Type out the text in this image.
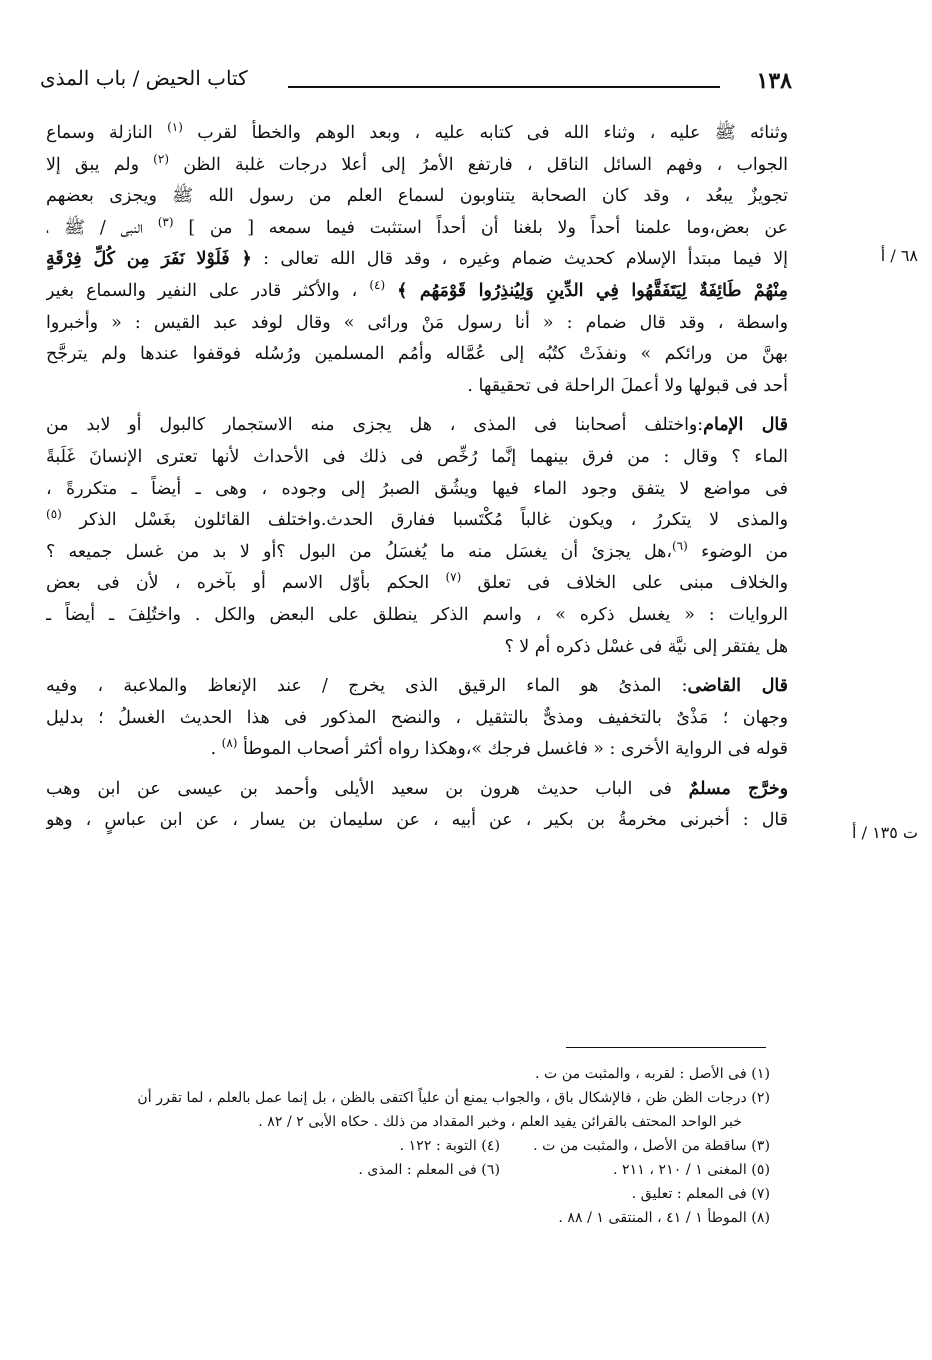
١٣٨
كتاب الحيض / باب المذى
٦٨ / أ
ت ١٣٥ / أ

وثنائه ﷺ عليه ، وثناء الله فى كتابه عليه ، وبعد الوهم والخطأ لقرب $^{(١)}$ النازلة وسماع
الجواب ، وفهم السائل الناقل ، فارتفع الأمرُ إلى أعلا درجات غلبة الظن $^{(٢)}$ ولم يبق إلا
تجويزٌ يبعُد ، وقد كان الصحابة يتناوبون لسماع العلم من رسول الله ﷺ ويجزى بعضهم
عن بعض،وما علمنا أحداً ولا بلغنا أن أحداً استثبت فيما سمعه [ من ] $^{(٣)}$ النبى / ﷺ ،
إلا فيما مبتدأ الإسلام كحديث ضمام وغيره ، وقد قال الله تعالى : ﴿ فَلَوْلا نَفَرَ مِن كُلِّ فِرْقَةٍ
مِنْهُمْ طَائِفَةٌ لِيَتَفَقَّهُوا فِي الدِّينِ وَلِيُنذِرُوا قَوْمَهُم ﴾ $^{(٤)}$ ، والأكثر قادر على النفير والسماع بغير
واسطة ، وقد قال ضمام : « أنا رسول مَنْ ورائى » وقال لوفد عبد القيس : « وأخبروا
بهنَّ من ورائكم » ونفذَتْ كتُبُه إلى عُمَّاله وأمُم المسلمين ورُسُله فوقفوا عندها ولم يترجَّح
أحد فى قبولها ولا أعملَ الراحلة فى تحقيقها .

قال الإمام:واختلف أصحابنا فى المذى ، هل يجزى منه الاستجمار كالبول أو لابد من
الماء ؟ وقال : من فرق بينهما إنَّما رُخِّص فى ذلك فى الأحداث لأنها تعترى الإنسانَ غَلَبةً
فى مواضع لا يتفق وجود الماء فيها ويشُق الصبرُ إلى وجوده ، وهى ـ أيضاً ـ متكررةً ،
والمذى لا يتكررُ ، ويكون غالباً مُكْتَسبا ففارق الحدث.واختلف القائلون بغَسْل الذكر $^{(٥)}$
من الوضوء $^{(٦)}$،هل يجزئ أن يغسَل منه ما يُغسَلُ من البول ؟أو لا بد من غسل جميعه ؟
والخلاف مبنى على الخلاف فى تعلق $^{(٧)}$ الحكم بأوّل الاسم أو بآخره ، لأن فى بعض
الروايات : « يغسل ذكره » ، واسم الذكر ينطلق على البعض والكل . واختُلِفَ ـ أيضاً ـ
هل يفتقر إلى نيَّة فى غسْل ذكره أم لا ؟

قال القاضى: المذىُ هو الماء الرقيق الذى يخرج / عند الإنعاظ والملاعبة ، وفيه
وجهان ؛ مَذْىٌ بالتخفيف ومذىٌّ بالتثقيل ، والنضح المذكور فى هذا الحديث الغسلُ ؛ بدليل
قوله فى الرواية الأخرى : « فاغسل فرجك »،وهكذا رواه أكثر أصحاب الموطأ $^{(٨)}$ .

وخرَّج مسلمٌ فى الباب حديث هرون بن سعيد الأيلى وأحمد بن عيسى عن ابن وهب
قال : أخبرنى مخرمةُ بن بكير ، عن أبيه ، عن سليمان بن يسار ، عن ابن عباسٍ ، وهو

(١) فى الأصل : لقربه ، والمثبت من ت .
(٢) درجات الظن ظن ، فالإشكال باق ، والجواب يمنع أن علياً اكتفى بالظن ، بل إنما عمل بالعلم ، لما تقرر أن
خبر الواحد المحتف بالقرائن يفيد العلم ، وخبر المقداد من ذلك . حكاه الأبى ٢ / ٨٢ .
(٣) ساقطة من الأصل ، والمثبت من ت .
(٤) التوبة : ١٢٢ .
(٥) المغنى ١ / ٢١٠ ، ٢١١ .
(٦) فى المعلم : المذى .
(٧) فى المعلم : تعليق .
(٨) الموطأ ١ / ٤١ ، المنتقى ١ / ٨٨ .
